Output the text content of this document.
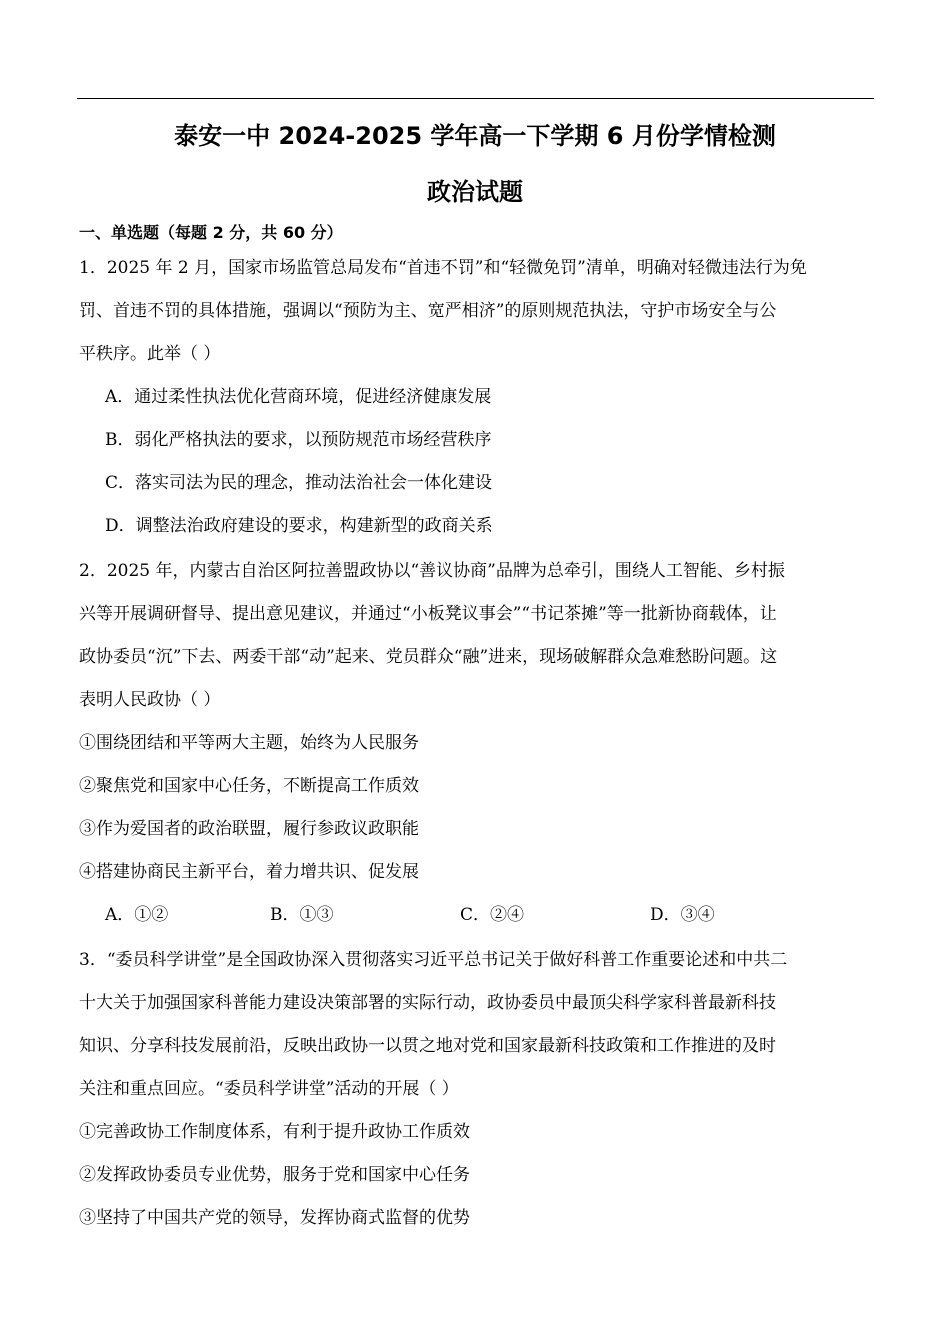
泰安一中 2024-2025 学年高一下学期 6 月份学情检测
政治试题
一、单选题（每题 2 分，共 60 分）
1．2025 年 2 月，国家市场监管总局发布“首违不罚”和“轻微免罚”清单，明确对轻微违法行为免
罚、首违不罚的具体措施，强调以“预防为主、宽严相济”的原则规范执法，守护市场安全与公
平秩序。此举（ ）
A．通过柔性执法优化营商环境，促进经济健康发展
B．弱化严格执法的要求，以预防规范市场经营秩序
C．落实司法为民的理念，推动法治社会一体化建设
D．调整法治政府建设的要求，构建新型的政商关系
2．2025 年，内蒙古自治区阿拉善盟政协以“善议协商”品牌为总牵引，围绕人工智能、乡村振
兴等开展调研督导、提出意见建议，并通过“小板凳议事会”“书记茶摊”等一批新协商载体，让
政协委员“沉”下去、两委干部“动”起来、党员群众“融”进来，现场破解群众急难愁盼问题。这
表明人民政协（ ）
①围绕团结和平等两大主题，始终为人民服务
②聚焦党和国家中心任务，不断提高工作质效
③作为爱国者的政治联盟，履行参政议政职能
④搭建协商民主新平台，着力增共识、促发展
A．①②	B．①③	C．②④	D．③④
3．“委员科学讲堂”是全国政协深入贯彻落实习近平总书记关于做好科普工作重要论述和中共二
十大关于加强国家科普能力建设决策部署的实际行动，政协委员中最顶尖科学家科普最新科技
知识、分享科技发展前沿，反映出政协一以贯之地对党和国家最新科技政策和工作推进的及时
关注和重点回应。“委员科学讲堂”活动的开展（ ）
①完善政协工作制度体系，有利于提升政协工作质效
②发挥政协委员专业优势，服务于党和国家中心任务
③坚持了中国共产党的领导，发挥协商式监督的优势
